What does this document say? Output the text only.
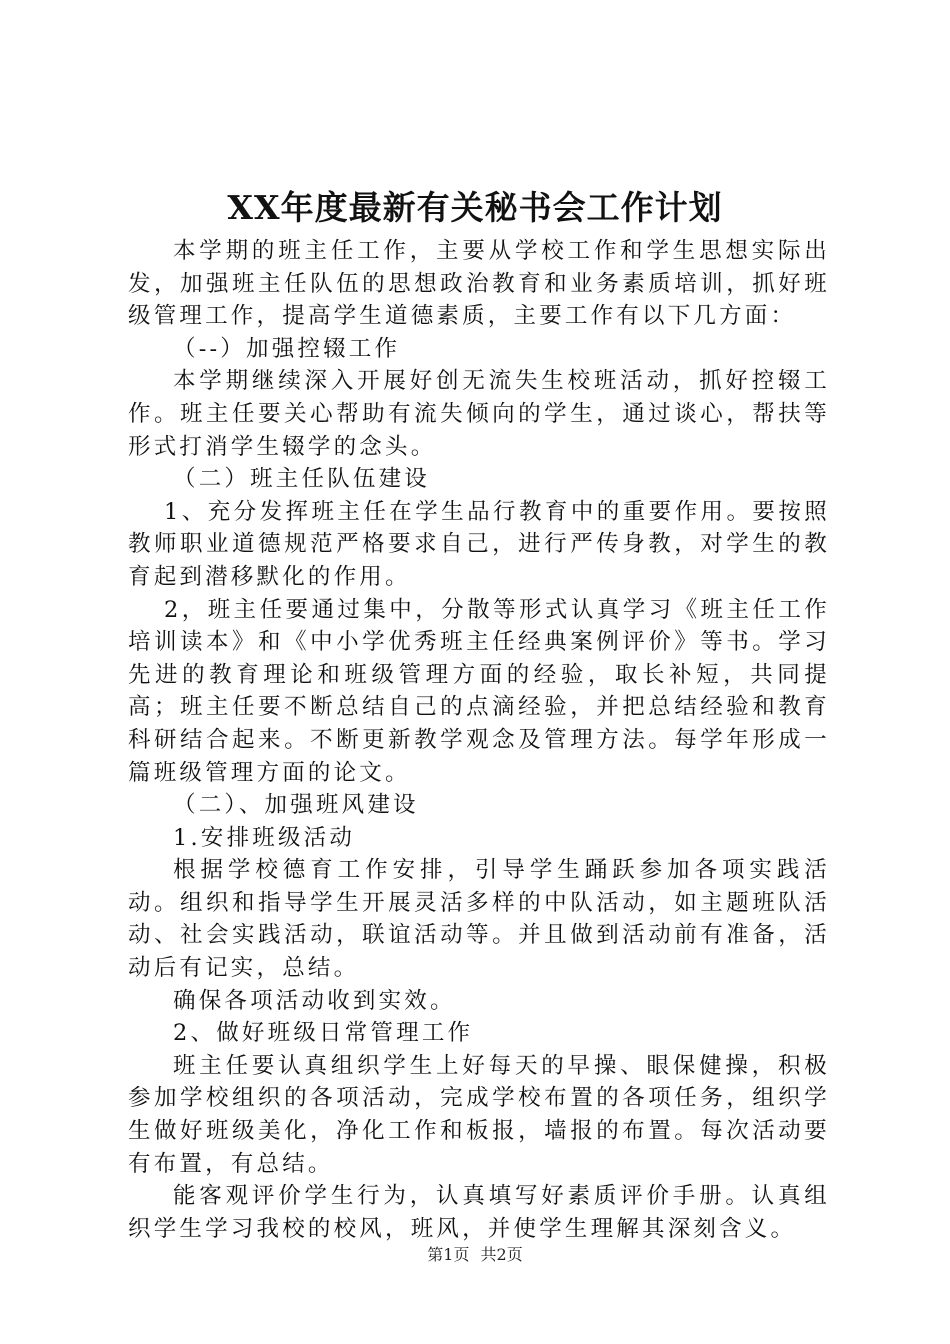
XX年度最新有关秘书会工作计划

本学期的班主任工作，主要从学校工作和学生思想实际出发，加强班主任队伍的思想政治教育和业务素质培训，抓好班级管理工作，提高学生道德素质，主要工作有以下几方面：

（--）加强控辍工作

本学期继续深入开展好创无流失生校班活动，抓好控辍工作。班主任要关心帮助有流失倾向的学生，通过谈心，帮扶等形式打消学生辍学的念头。

（二）班主任队伍建设

1、充分发挥班主任在学生品行教育中的重要作用。要按照教师职业道德规范严格要求自己，进行严传身教，对学生的教育起到潜移默化的作用。

2，班主任要通过集中，分散等形式认真学习《班主任工作培训读本》和《中小学优秀班主任经典案例评价》等书。学习先进的教育理论和班级管理方面的经验，取长补短，共同提高；班主任要不断总结自己的点滴经验，并把总结经验和教育科研结合起来。不断更新教学观念及管理方法。每学年形成一篇班级管理方面的论文。

（二）、加强班风建设

1.安排班级活动

根据学校德育工作安排，引导学生踊跃参加各项实践活动。组织和指导学生开展灵活多样的中队活动，如主题班队活动、社会实践活动，联谊活动等。并且做到活动前有准备，活动后有记实，总结。

确保各项活动收到实效。

2、做好班级日常管理工作

班主任要认真组织学生上好每天的早操、眼保健操，积极参加学校组织的各项活动，完成学校布置的各项任务，组织学生做好班级美化，净化工作和板报，墙报的布置。每次活动要有布置，有总结。

能客观评价学生行为，认真填写好素质评价手册。认真组织学生学习我校的校风，班风，并使学生理解其深刻含义。

第1页 共2页
